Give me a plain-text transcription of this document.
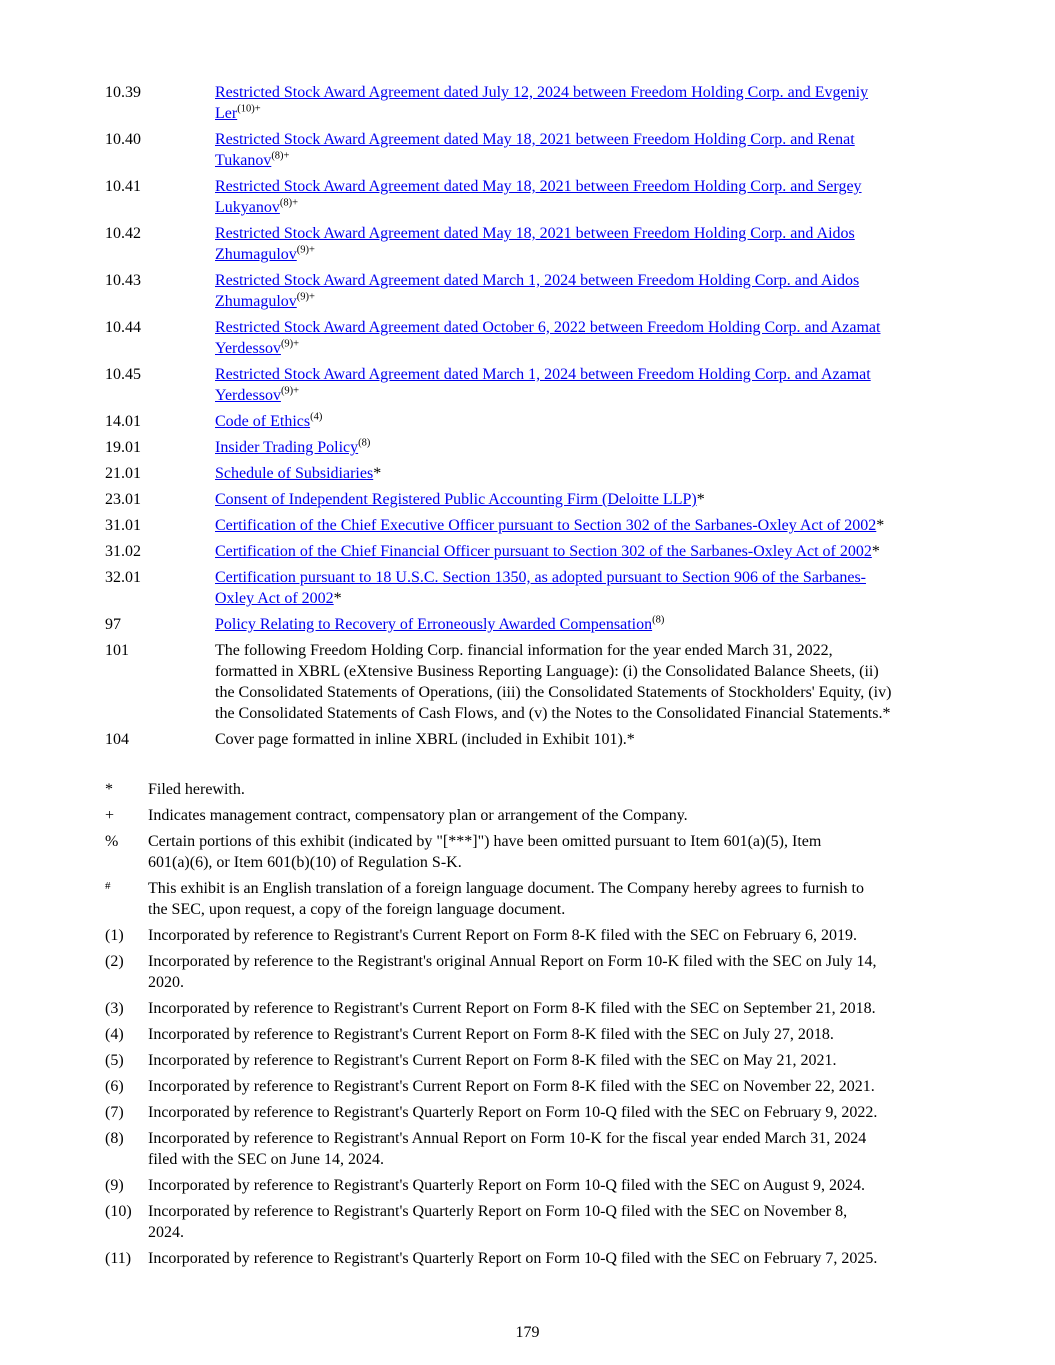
10.39	Restricted Stock Award Agreement dated July 12, 2024 between Freedom Holding Corp. and Evgeniy
Ler$^{(10)+}$
10.40	Restricted Stock Award Agreement dated May 18, 2021 between Freedom Holding Corp. and Renat
Tukanov$^{(8)+}$
10.41	Restricted Stock Award Agreement dated May 18, 2021 between Freedom Holding Corp. and Sergey
Lukyanov$^{(8)+}$
10.42	Restricted Stock Award Agreement dated May 18, 2021 between Freedom Holding Corp. and Aidos
Zhumagulov$^{(9)+}$
10.43	Restricted Stock Award Agreement dated March 1, 2024 between Freedom Holding Corp. and Aidos
Zhumagulov$^{(9)+}$
10.44	Restricted Stock Award Agreement dated October 6, 2022 between Freedom Holding Corp. and Azamat
Yerdessov$^{(9)+}$
10.45	Restricted Stock Award Agreement dated March 1, 2024 between Freedom Holding Corp. and Azamat
Yerdessov$^{(9)+}$
14.01	Code of Ethics$^{(4)}$
19.01	Insider Trading Policy$^{(8)}$
21.01	Schedule of Subsidiaries*
23.01	Consent of Independent Registered Public Accounting Firm (Deloitte LLP)*
31.01	Certification of the Chief Executive Officer pursuant to Section 302 of the Sarbanes-Oxley Act of 2002*
31.02	Certification of the Chief Financial Officer pursuant to Section 302 of the Sarbanes-Oxley Act of 2002*
32.01	Certification pursuant to 18 U.S.C. Section 1350, as adopted pursuant to Section 906 of the Sarbanes-
Oxley Act of 2002*
97	Policy Relating to Recovery of Erroneously Awarded Compensation$^{(8)}$
101	The following Freedom Holding Corp. financial information for the year ended March 31, 2022,
formatted in XBRL (eXtensive Business Reporting Language): (i) the Consolidated Balance Sheets, (ii)
the Consolidated Statements of Operations, (iii) the Consolidated Statements of Stockholders' Equity, (iv)
the Consolidated Statements of Cash Flows, and (v) the Notes to the Consolidated Financial Statements.*
104	Cover page formatted in inline XBRL (included in Exhibit 101).*
*	Filed herewith.
+	Indicates management contract, compensatory plan or arrangement of the Company.
%	Certain portions of this exhibit (indicated by "[***]") have been omitted pursuant to Item 601(a)(5), Item
601(a)(6), or Item 601(b)(10) of Regulation S-K.
#	This exhibit is an English translation of a foreign language document. The Company hereby agrees to furnish to
the SEC, upon request, a copy of the foreign language document.
(1)	Incorporated by reference to Registrant's Current Report on Form 8-K filed with the SEC on February 6, 2019.
(2)	Incorporated by reference to the Registrant's original Annual Report on Form 10-K filed with the SEC on July 14,
2020.
(3)	Incorporated by reference to Registrant's Current Report on Form 8-K filed with the SEC on September 21, 2018.
(4)	Incorporated by reference to Registrant's Current Report on Form 8-K filed with the SEC on July 27, 2018.
(5)	Incorporated by reference to Registrant's Current Report on Form 8-K filed with the SEC on May 21, 2021.
(6)	Incorporated by reference to Registrant's Current Report on Form 8-K filed with the SEC on November 22, 2021.
(7)	Incorporated by reference to Registrant's Quarterly Report on Form 10-Q filed with the SEC on February 9, 2022.
(8)	Incorporated by reference to Registrant's Annual Report on Form 10-K for the fiscal year ended March 31, 2024
filed with the SEC on June 14, 2024.
(9)	Incorporated by reference to Registrant's Quarterly Report on Form 10-Q filed with the SEC on August 9, 2024.
(10)	Incorporated by reference to Registrant's Quarterly Report on Form 10-Q filed with the SEC on November 8,
2024.
(11)	Incorporated by reference to Registrant's Quarterly Report on Form 10-Q filed with the SEC on February 7, 2025.
179
